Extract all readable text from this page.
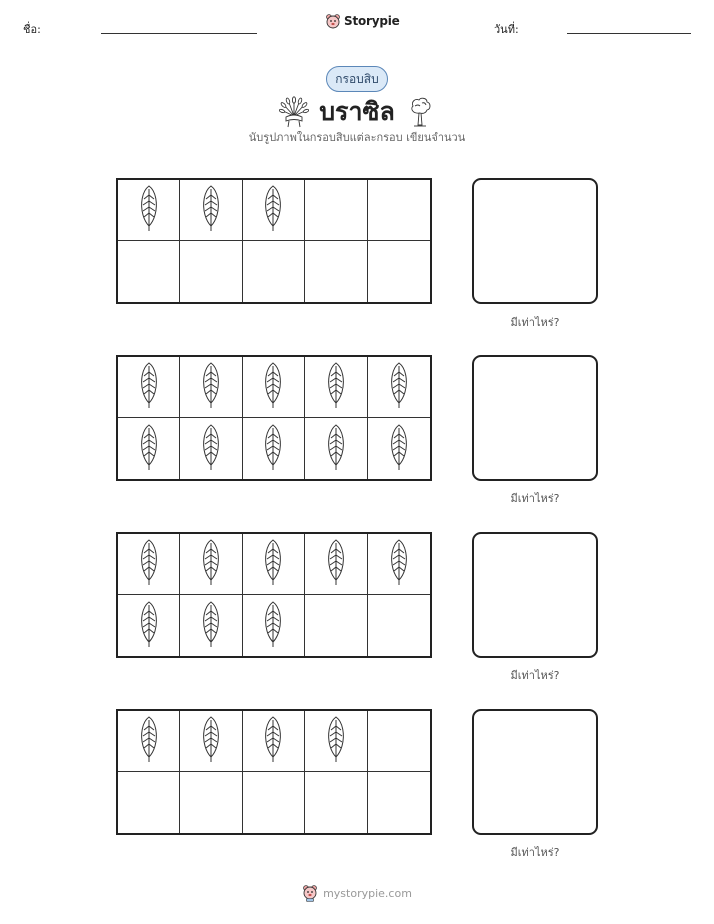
ชื่อ:
Storypie
วันที่:
กรอบสิบ
บราซิล
นับรูปภาพในกรอบสิบแต่ละกรอบ เขียนจำนวน
มีเท่าไหร่?
มีเท่าไหร่?
มีเท่าไหร่?
มีเท่าไหร่?
mystorypie.com
